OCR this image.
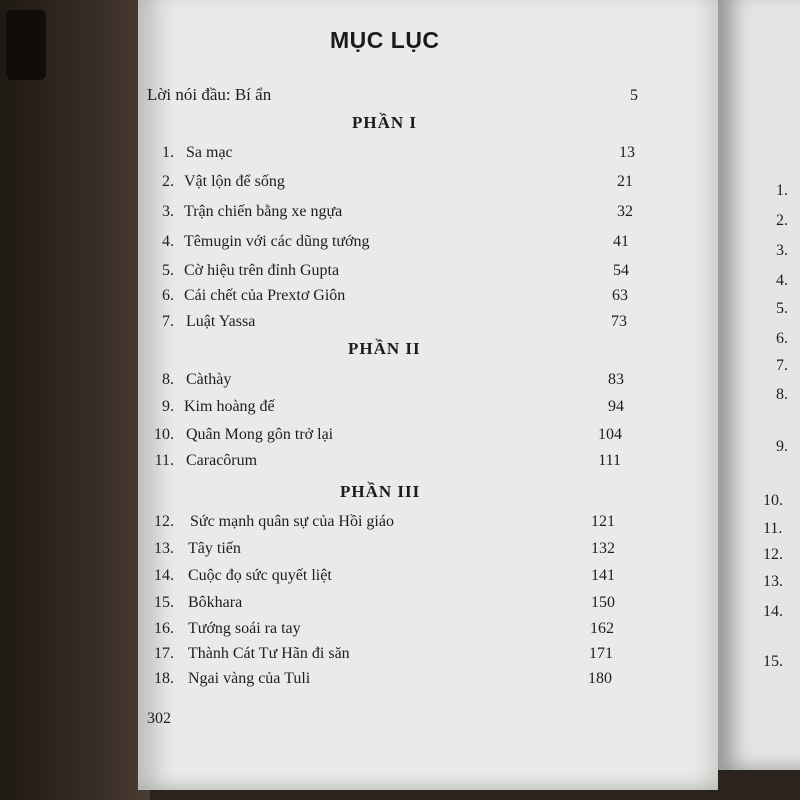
MỤC LỤC
Lời nói đầu: Bí ẩn	5
PHẦN I
PHẦN II
PHẦN III
1. Sa mạc	13
2. Vật lộn để sống	21
3. Trận chiến bằng xe ngựa	32
4. Têmugin với các dũng tướng	41
5. Cờ hiệu trên đỉnh Gupta	54
6. Cái chết của Prextơ Giôn	63
7. Luật Yassa	73
8. Càthày	83
9. Kim hoàng đế	94
10. Quân Mong gôn trở lại	104
11. Caracôrum	111
12. Sức mạnh quân sự của Hồi giáo	121
13. Tây tiến	132
14. Cuộc đọ sức quyết liệt	141
15. Bôkhara	150
16. Tướng soái ra tay	162
17. Thành Cát Tư Hãn đi săn	171
18. Ngai vàng của Tuli	180
302
1.
2.
3.
4.
5.
6.
7.
8.
9.
10.
11.
12.
13.
14.
15.
